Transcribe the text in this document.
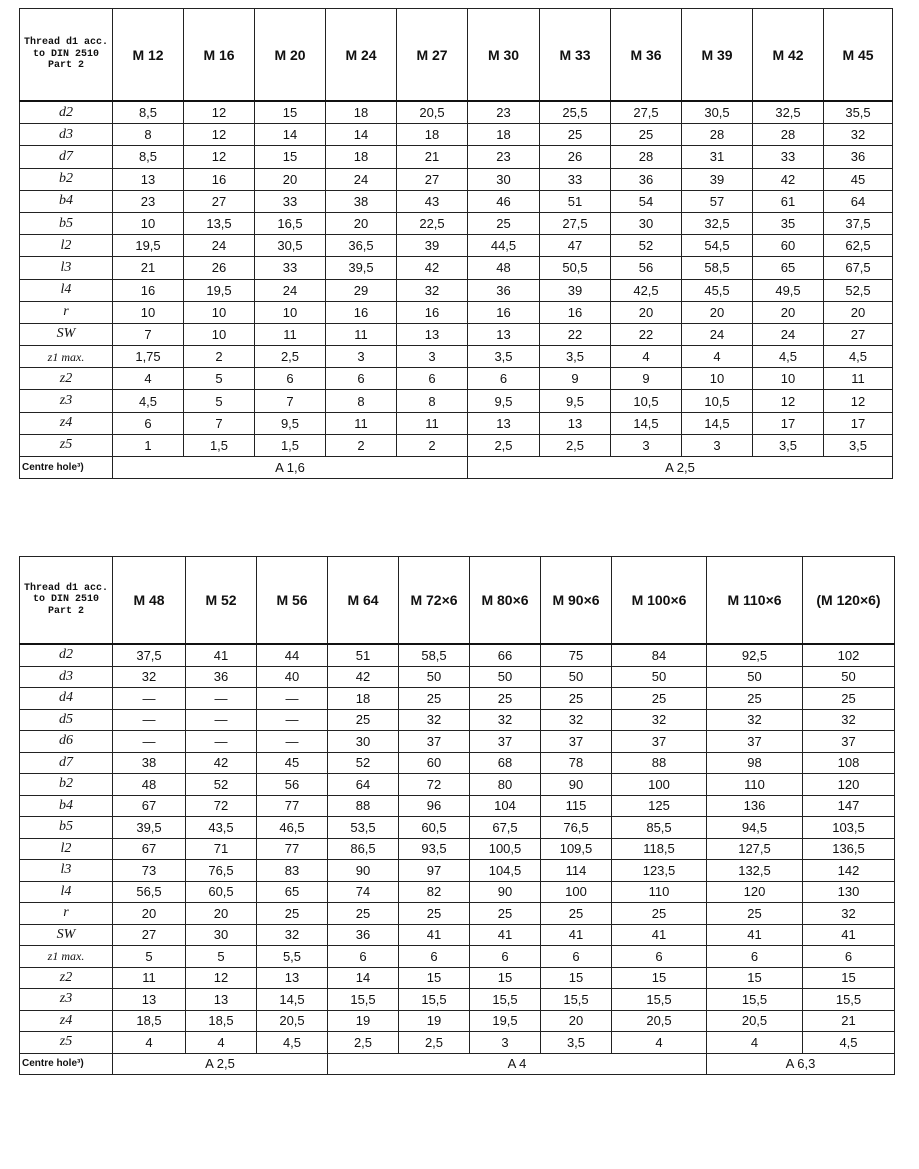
Thread d1 acc. to DIN 2510 Part 2	M 12	M 16	M 20	M 24	M 27	M 30	M 33	M 36	M 39	M 42	M 45
d2	8,5	12	15	18	20,5	23	25,5	27,5	30,5	32,5	35,5
d3	8	12	14	14	18	18	25	25	28	28	32
d7	8,5	12	15	18	21	23	26	28	31	33	36
b2	13	16	20	24	27	30	33	36	39	42	45
b4	23	27	33	38	43	46	51	54	57	61	64
b5	10	13,5	16,5	20	22,5	25	27,5	30	32,5	35	37,5
l2	19,5	24	30,5	36,5	39	44,5	47	52	54,5	60	62,5
l3	21	26	33	39,5	42	48	50,5	56	58,5	65	67,5
l4	16	19,5	24	29	32	36	39	42,5	45,5	49,5	52,5
r	10	10	10	16	16	16	16	20	20	20	20
SW	7	10	11	11	13	13	22	22	24	24	27
z1 max.	1,75	2	2,5	3	3	3,5	3,5	4	4	4,5	4,5
z2	4	5	6	6	6	6	9	9	10	10	11
z3	4,5	5	7	8	8	9,5	9,5	10,5	10,5	12	12
z4	6	7	9,5	11	11	13	13	14,5	14,5	17	17
z5	1	1,5	1,5	2	2	2,5	2,5	3	3	3,5	3,5
Centre hole³)	A 1,6					A 2,5					
Thread d1 acc. to DIN 2510 Part 2	M 48	M 52	M 56	M 64	M 72×6	M 80×6	M 90×6	M 100×6	M 110×6	(M 120×6)
d2	37,5	41	44	51	58,5	66	75	84	92,5	102
d3	32	36	40	42	50	50	50	50	50	50
d4	—	—	—	18	25	25	25	25	25	25
d5	—	—	—	25	32	32	32	32	32	32
d6	—	—	—	30	37	37	37	37	37	37
d7	38	42	45	52	60	68	78	88	98	108
b2	48	52	56	64	72	80	90	100	110	120
b4	67	72	77	88	96	104	115	125	136	147
b5	39,5	43,5	46,5	53,5	60,5	67,5	76,5	85,5	94,5	103,5
l2	67	71	77	86,5	93,5	100,5	109,5	118,5	127,5	136,5
l3	73	76,5	83	90	97	104,5	114	123,5	132,5	142
l4	56,5	60,5	65	74	82	90	100	110	120	130
r	20	20	25	25	25	25	25	25	25	32
SW	27	30	32	36	41	41	41	41	41	41
z1 max.	5	5	5,5	6	6	6	6	6	6	6
z2	11	12	13	14	15	15	15	15	15	15
z3	13	13	14,5	15,5	15,5	15,5	15,5	15,5	15,5	15,5
z4	18,5	18,5	20,5	19	19	19,5	20	20,5	20,5	21
z5	4	4	4,5	2,5	2,5	3	3,5	4	4	4,5
Centre hole³)	A 2,5			A 4					A 6,3	
